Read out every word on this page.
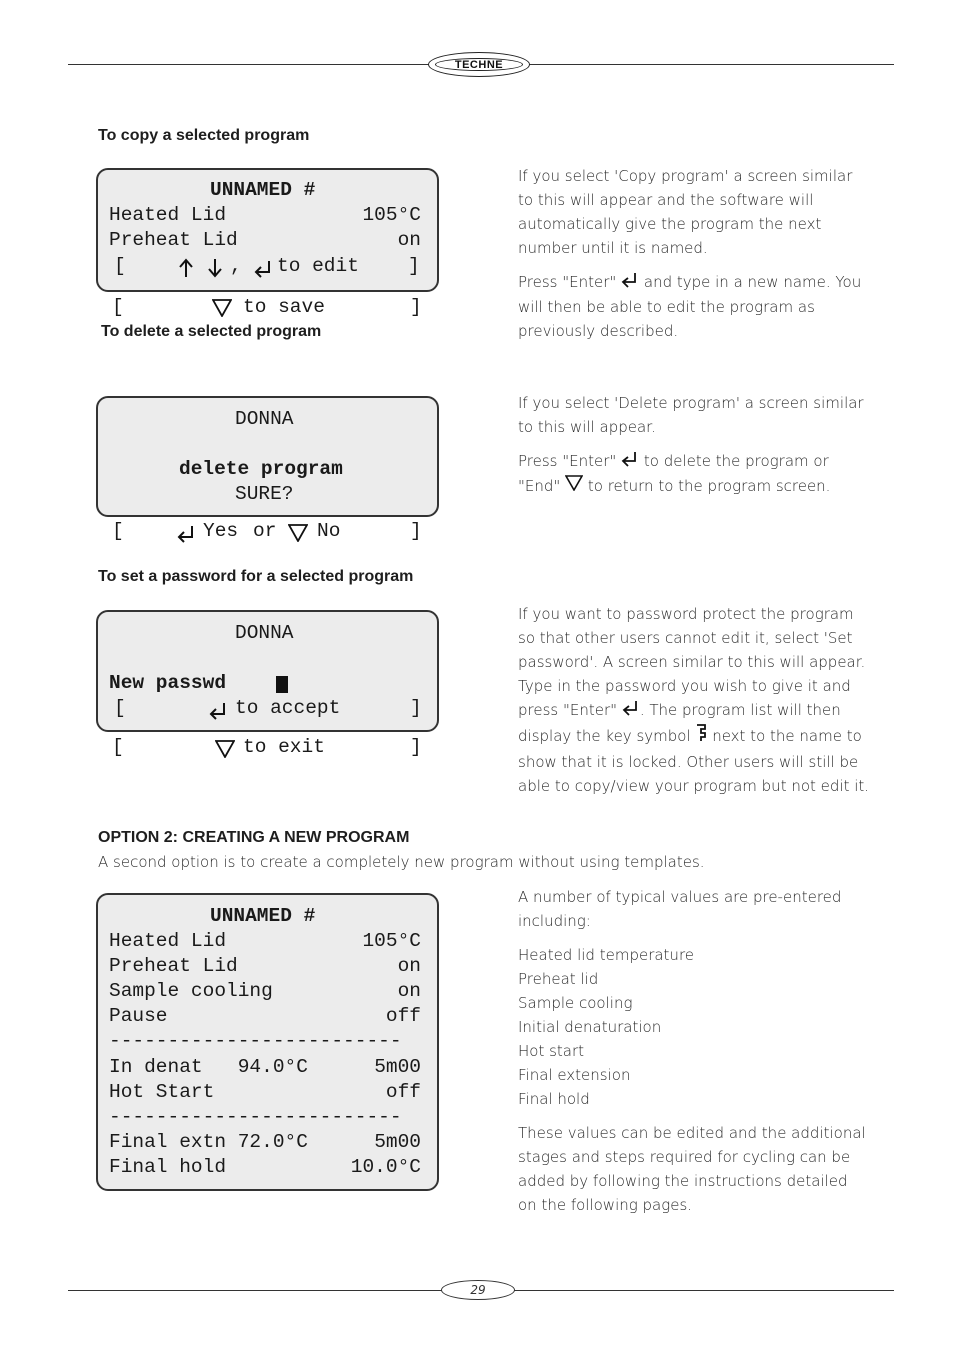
TECHNE
To copy a selected program
UNNAMED #
Heated Lid	105°C
Preheat Lid	on
[	, to edit	]
[	to save	]

If you select 'Copy program' a screen similar to this will appear and the software will automatically give the program the next number until it is named.

Press "Enter" and type in a new name. You will then be able to edit the program as previously described.

To delete a selected program
DONNA
delete program
SURE?
[	Yes or No	]

If you select 'Delete program' a screen similar to this will appear.

Press "Enter" to delete the program or "End" to return to the program screen.

To set a password for a selected program
DONNA
New passwd
[	to accept	]
[	to exit	]

If you want to password protect the program so that other users cannot edit it, select 'Set password'. A screen similar to this will appear. Type in the password you wish to give it and press "Enter" . The program list will then display the key symbol next to the name to show that it is locked. Other users will still be able to copy/view your program but not edit it.

OPTION 2: CREATING A NEW PROGRAM
A second option is to create a completely new program without using templates.
UNNAMED #
Heated Lid	105°C
Preheat Lid	on
Sample cooling	on
Pause	off
-------------------------
In denat   94.0°C	5m00
Hot Start	off
-------------------------
Final extn 72.0°C	5m00
Final hold	10.0°C

A number of typical values are pre-entered including:

Heated lid temperature
Preheat lid
Sample cooling
Initial denaturation
Hot start
Final extension
Final hold

These values can be edited and the additional stages and steps required for cycling can be added by following the instructions detailed on the following pages.

29
